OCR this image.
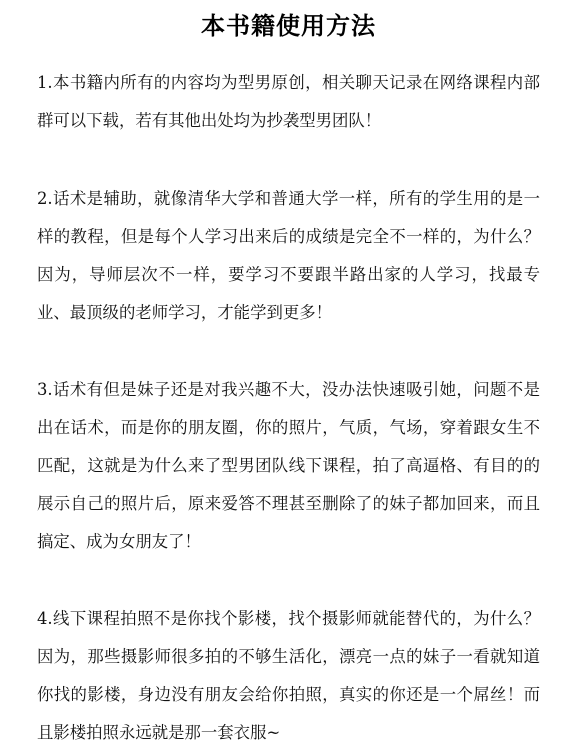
本书籍使用方法

1.本书籍内所有的内容均为型男原创，相关聊天记录在网络课程内部群可以下载，若有其他出处均为抄袭型男团队！

2.话术是辅助，就像清华大学和普通大学一样，所有的学生用的是一样的教程，但是每个人学习出来后的成绩是完全不一样的，为什么？因为，导师层次不一样，要学习不要跟半路出家的人学习，找最专业、最顶级的老师学习，才能学到更多！

3.话术有但是妹子还是对我兴趣不大，没办法快速吸引她，问题不是出在话术，而是你的朋友圈，你的照片，气质，气场，穿着跟女生不匹配，这就是为什么来了型男团队线下课程，拍了高逼格、有目的的展示自己的照片后，原来爱答不理甚至删除了的妹子都加回来，而且搞定、成为女朋友了！

4.线下课程拍照不是你找个影楼，找个摄影师就能替代的，为什么？因为，那些摄影师很多拍的不够生活化，漂亮一点的妹子一看就知道你找的影楼，身边没有朋友会给你拍照，真实的你还是一个屌丝！而且影楼拍照永远就是那一套衣服~
